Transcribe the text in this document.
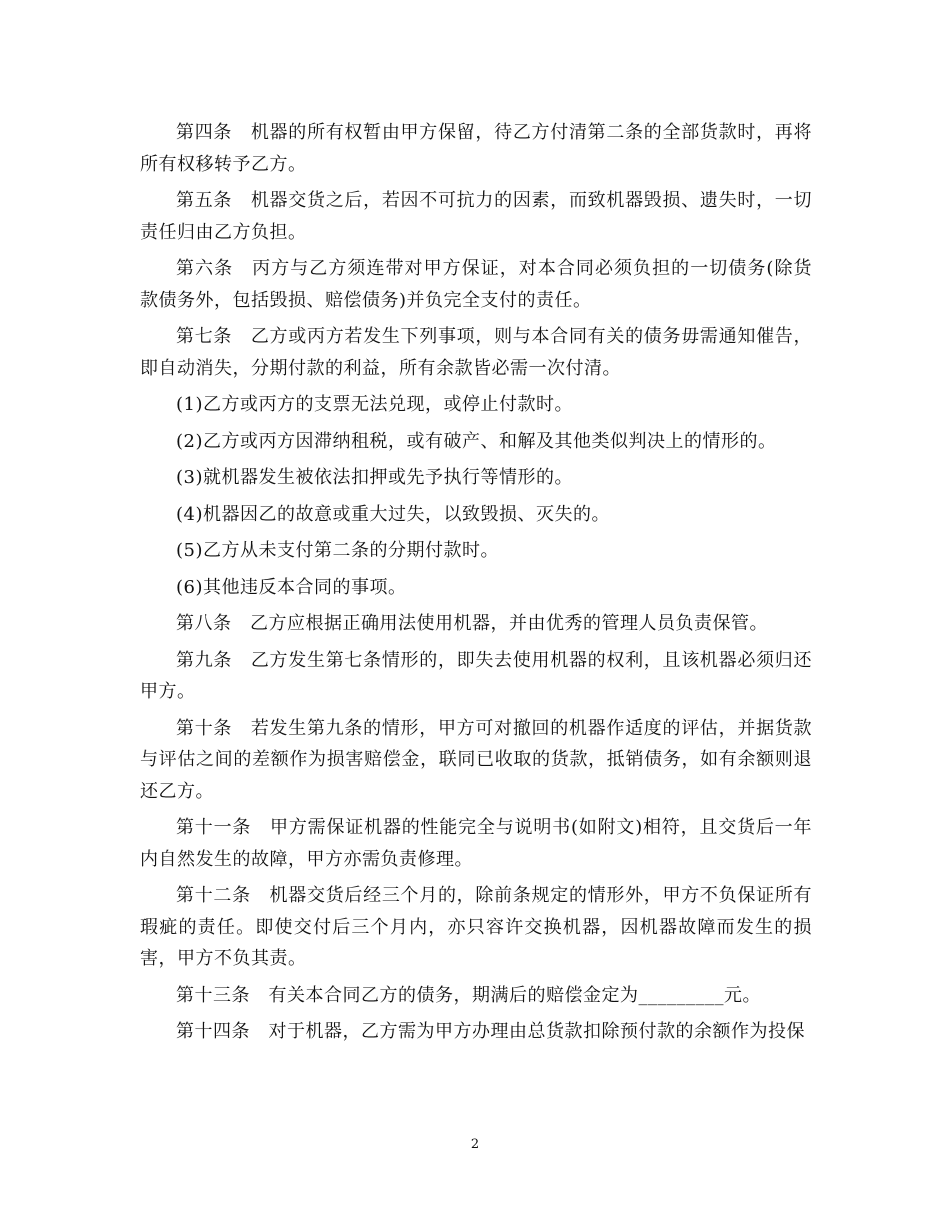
第四条　机器的所有权暂由甲方保留，待乙方付清第二条的全部货款时，再将所有权移转予乙方。

第五条　机器交货之后，若因不可抗力的因素，而致机器毁损、遗失时，一切责任归由乙方负担。

第六条　丙方与乙方须连带对甲方保证，对本合同必须负担的一切债务(除货款债务外，包括毁损、赔偿债务)并负完全支付的责任。

第七条　乙方或丙方若发生下列事项，则与本合同有关的债务毋需通知催告，即自动消失，分期付款的利益，所有余款皆必需一次付清。

(1)乙方或丙方的支票无法兑现，或停止付款时。

(2)乙方或丙方因滞纳租税，或有破产、和解及其他类似判决上的情形的。

(3)就机器发生被依法扣押或先予执行等情形的。

(4)机器因乙的故意或重大过失，以致毁损、灭失的。

(5)乙方从未支付第二条的分期付款时。

(6)其他违反本合同的事项。

第八条　乙方应根据正确用法使用机器，并由优秀的管理人员负责保管。

第九条　乙方发生第七条情形的，即失去使用机器的权利，且该机器必须归还甲方。

第十条　若发生第九条的情形，甲方可对撤回的机器作适度的评估，并据货款与评估之间的差额作为损害赔偿金，联同已收取的货款，抵销债务，如有余额则退还乙方。

第十一条　甲方需保证机器的性能完全与说明书(如附文)相符，且交货后一年内自然发生的故障，甲方亦需负责修理。

第十二条　机器交货后经三个月的，除前条规定的情形外，甲方不负保证所有瑕疵的责任。即使交付后三个月内，亦只容许交换机器，因机器故障而发生的损害，甲方不负其责。

第十三条　有关本合同乙方的债务，期满后的赔偿金定为_________元。

第十四条　对于机器，乙方需为甲方办理由总货款扣除预付款的余额作为投保

2
